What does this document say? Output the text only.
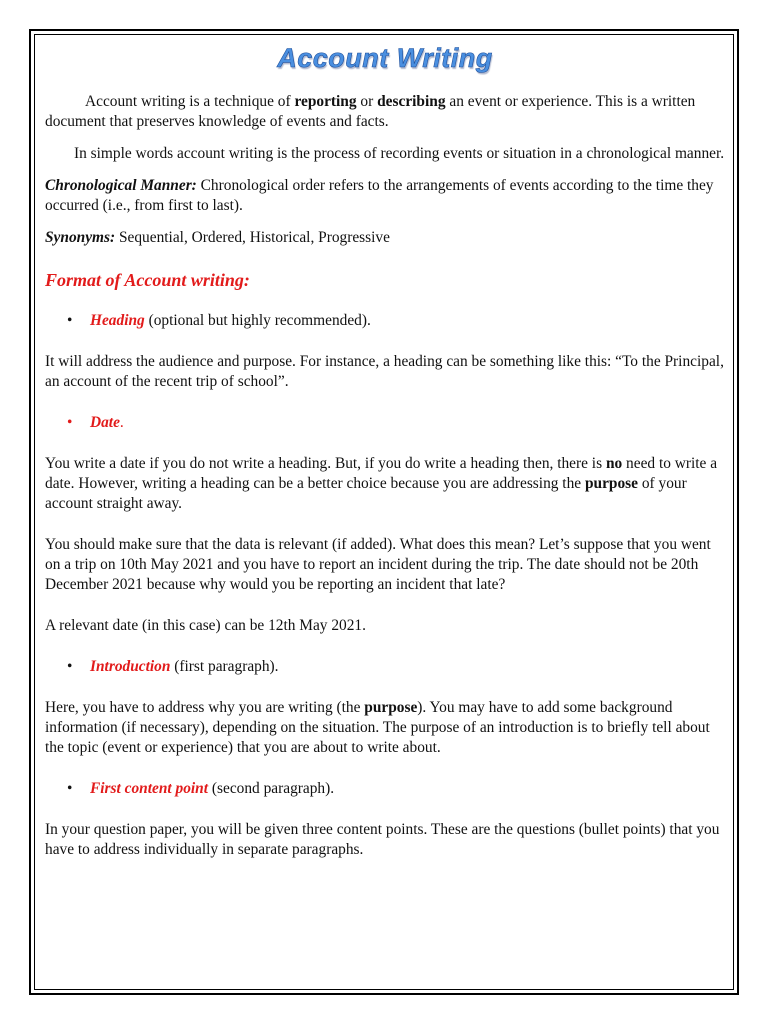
Account Writing

Account writing is a technique of reporting or describing an event or experience. This is a written document that preserves knowledge of events and facts.

In simple words account writing is the process of recording events or situation in a chronological manner.

Chronological Manner: Chronological order refers to the arrangements of events according to the time they occurred (i.e., from first to last).

Synonyms: Sequential, Ordered, Historical, Progressive

Format of Account writing:

• Heading (optional but highly recommended).

It will address the audience and purpose. For instance, a heading can be something like this: “To the Principal, an account of the recent trip of school”.

• Date.

You write a date if you do not write a heading. But, if you do write a heading then, there is no need to write a date. However, writing a heading can be a better choice because you are addressing the purpose of your account straight away.

You should make sure that the data is relevant (if added). What does this mean? Let’s suppose that you went on a trip on 10th May 2021 and you have to report an incident during the trip. The date should not be 20th December 2021 because why would you be reporting an incident that late?

A relevant date (in this case) can be 12th May 2021.

• Introduction (first paragraph).

Here, you have to address why you are writing (the purpose). You may have to add some background information (if necessary), depending on the situation. The purpose of an introduction is to briefly tell about the topic (event or experience) that you are about to write about.

• First content point (second paragraph).

In your question paper, you will be given three content points. These are the questions (bullet points) that you have to address individually in separate paragraphs.
